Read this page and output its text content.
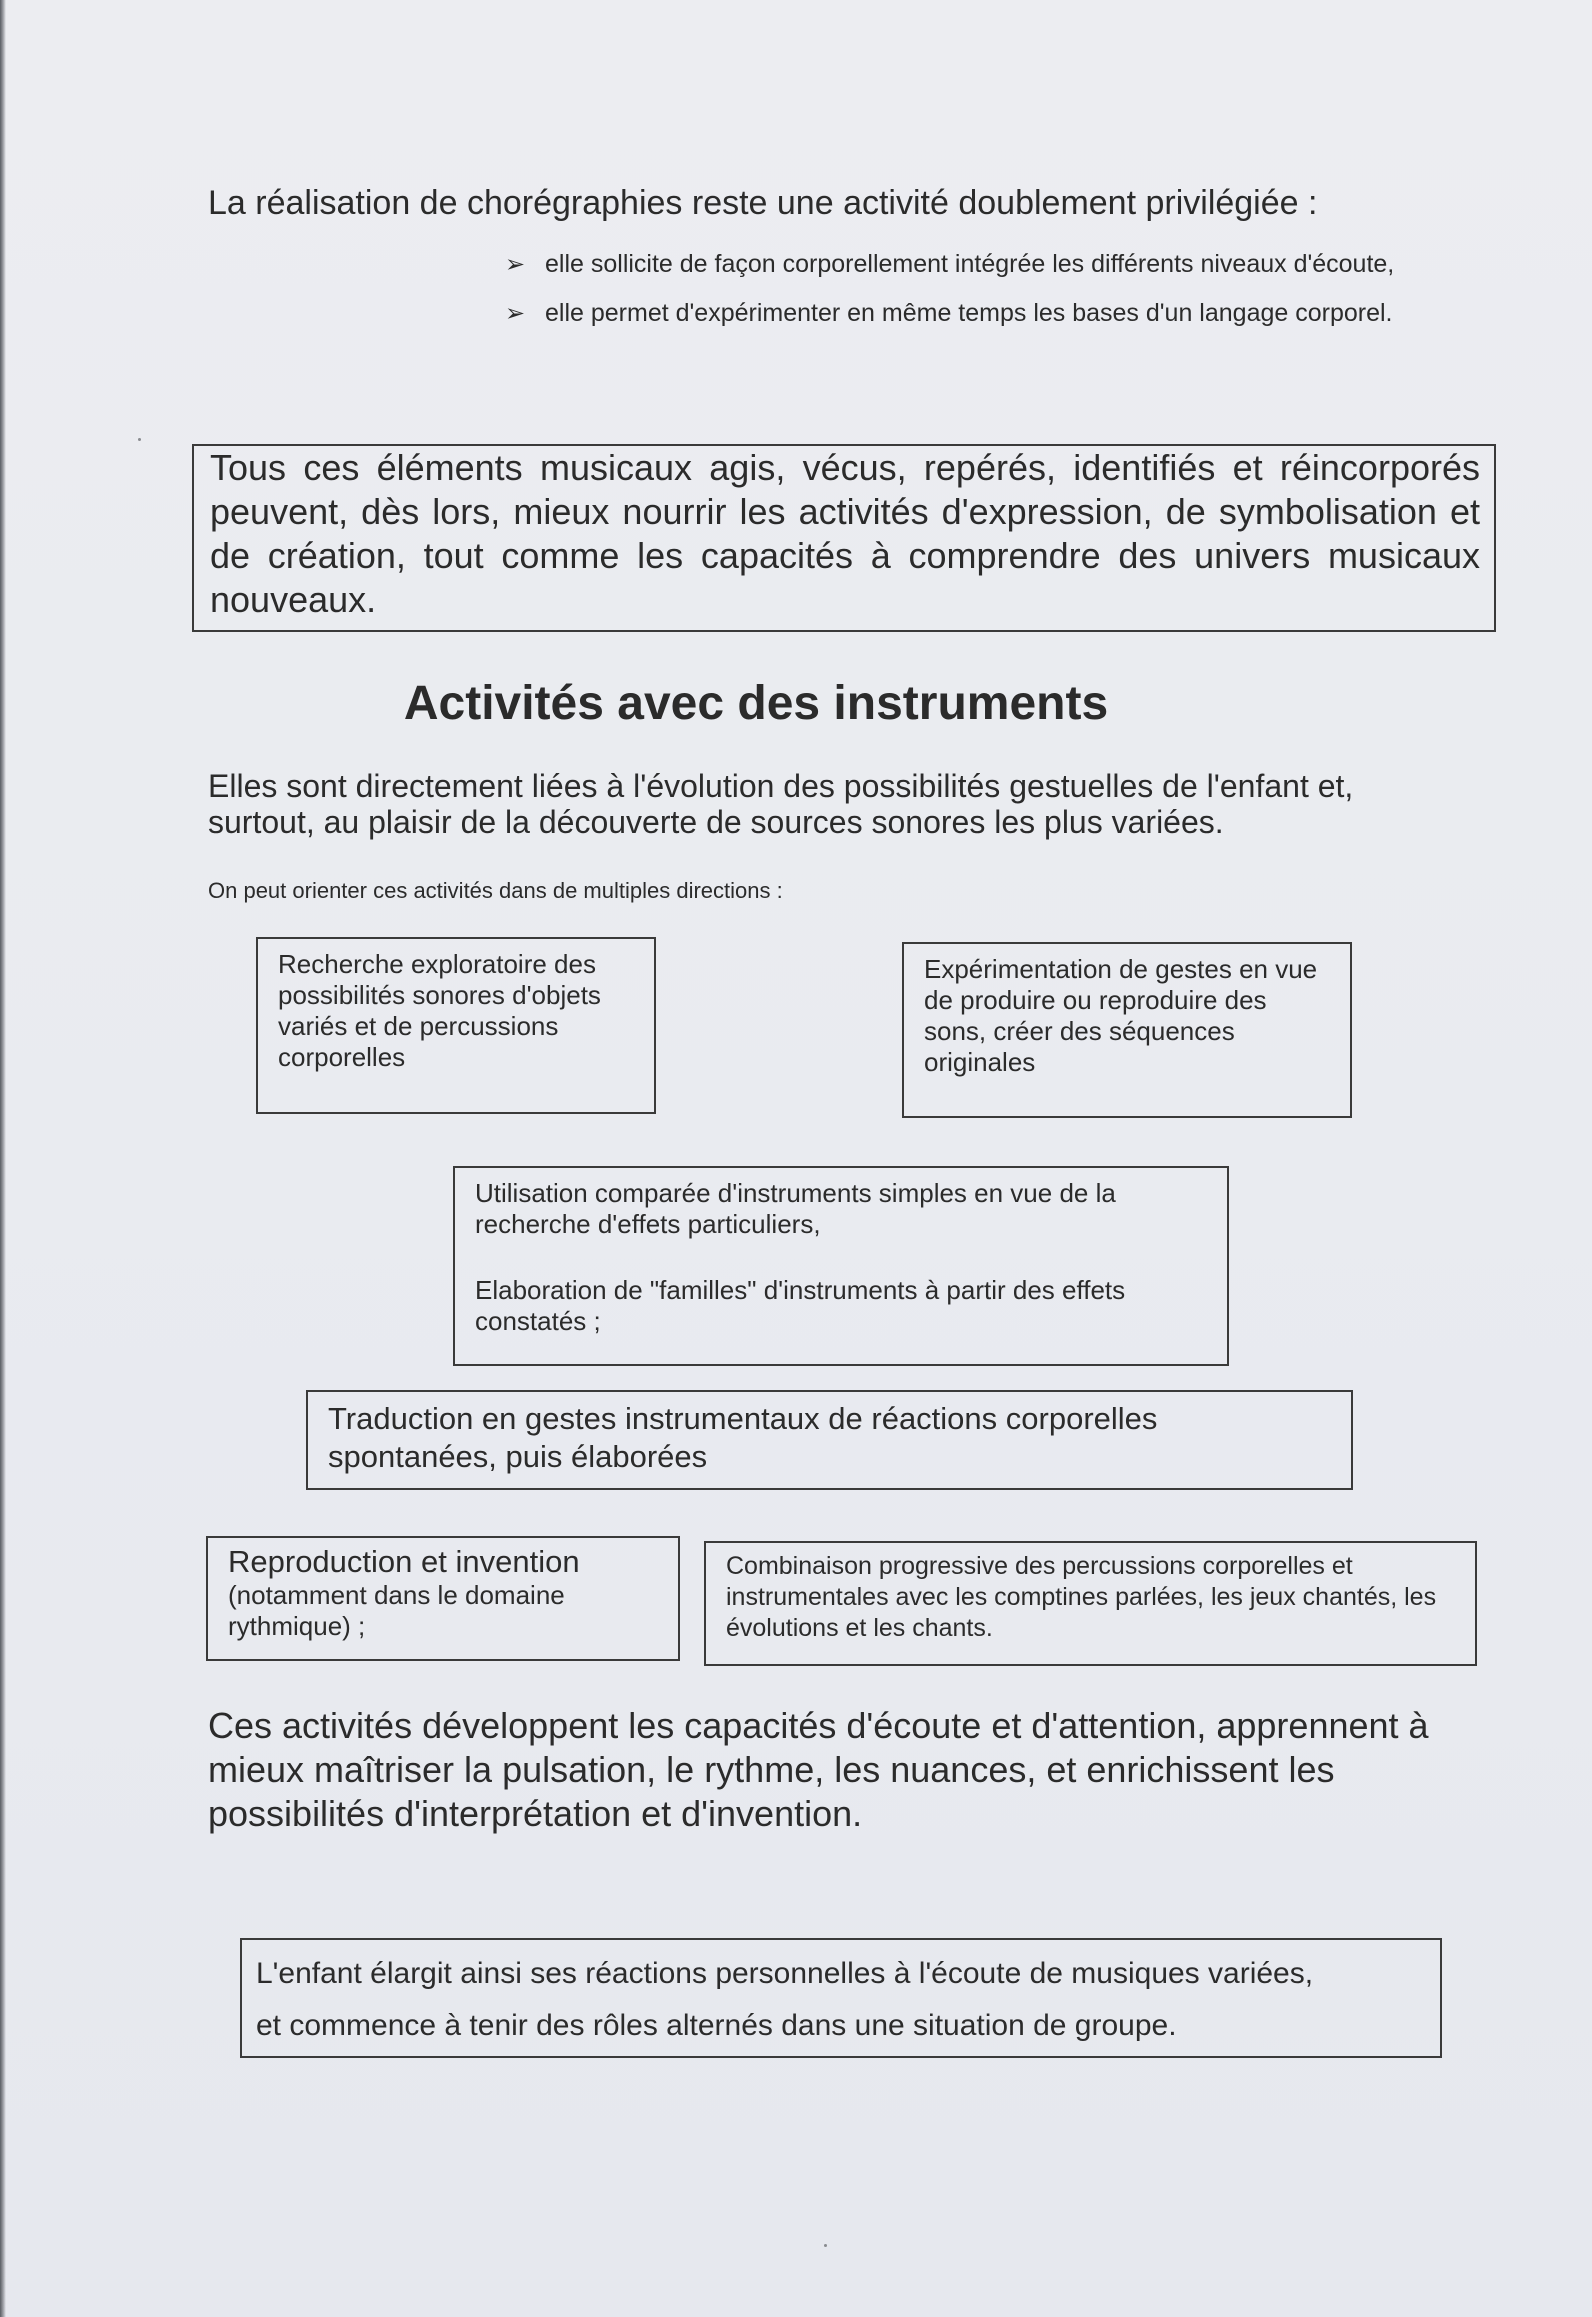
La réalisation de chorégraphies reste une activité doublement privilégiée :

➢ elle sollicite de façon corporellement intégrée les différents niveaux d'écoute,
➢ elle permet d'expérimenter en même temps les bases d'un langage corporel.

Tous ces éléments musicaux agis, vécus, repérés, identifiés et réincorporés peuvent, dès lors, mieux nourrir les activités d'expression, de symbolisation et de création, tout comme les capacités à comprendre des univers musicaux nouveaux.

Activités avec des instruments

Elles sont directement liées à l'évolution des possibilités gestuelles de l'enfant et, surtout, au plaisir de la découverte de sources sonores les plus variées.

On peut orienter ces activités dans de multiples directions :

Recherche exploratoire des possibilités sonores d'objets variés et de percussions corporelles

Expérimentation de gestes en vue de produire ou reproduire des sons, créer des séquences originales

Utilisation comparée d'instruments simples en vue de la recherche d'effets particuliers,

Elaboration de "familles" d'instruments à partir des effets constatés ;

Traduction en gestes instrumentaux de réactions corporelles spontanées, puis élaborées

Reproduction et invention

(notamment dans le domaine rythmique) ;

Combinaison progressive des percussions corporelles et instrumentales avec les comptines parlées, les jeux chantés, les évolutions et les chants.

Ces activités développent les capacités d'écoute et d'attention, apprennent à mieux maîtriser la pulsation, le rythme, les nuances, et enrichissent les possibilités d'interprétation et d'invention.

L'enfant élargit ainsi ses réactions personnelles à l'écoute de musiques variées,

et commence à tenir des rôles alternés dans une situation de groupe.
